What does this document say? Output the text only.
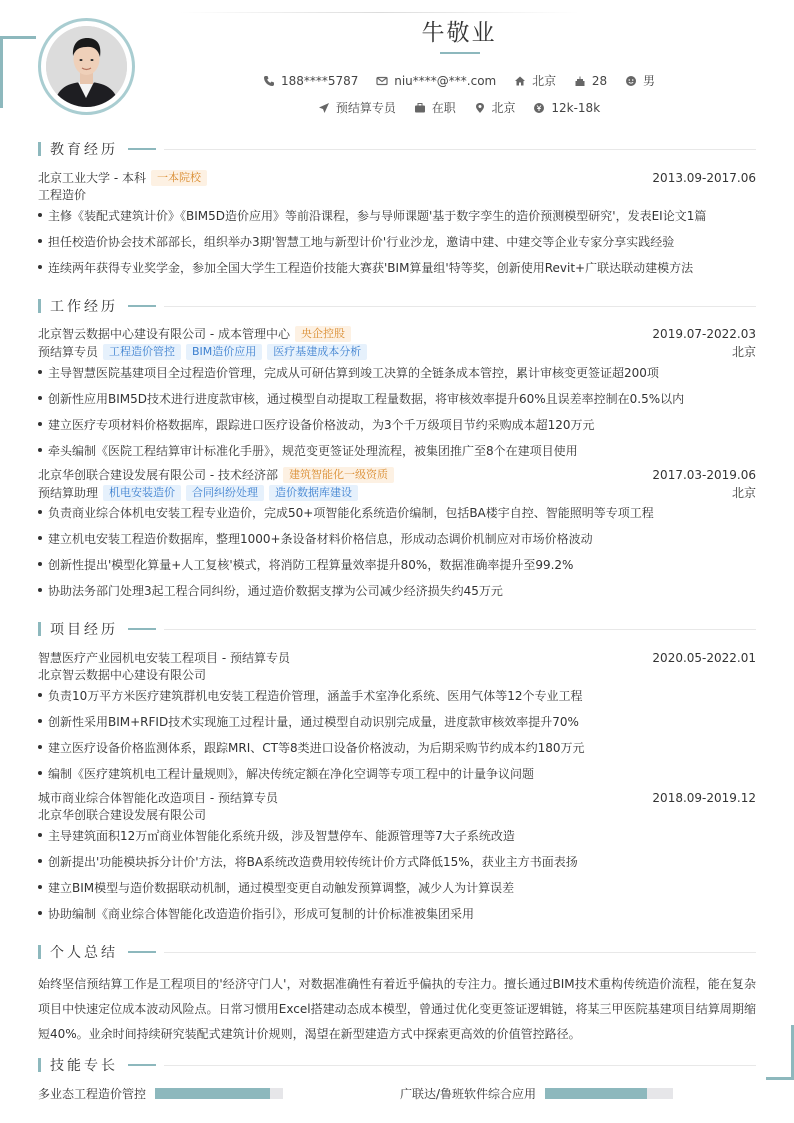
牛敬业
188****5787
	niu****@***.com
	北京
	28
	男
预结算专员
	在职
	北京
	12k-18k
教育经历
北京工业大学 - 本科	一本院校	2013.09-2017.06
工程造价
主修《装配式建筑计价》《BIM5D造价应用》等前沿课程，参与导师课题'基于数字孪生的造价预测模型研究'，发表EI论文1篇
担任校造价协会技术部部长，组织举办3期'智慧工地与新型计价'行业沙龙，邀请中建、中建交等企业专家分享实践经验
连续两年获得专业奖学金，参加全国大学生工程造价技能大赛获'BIM算量组'特等奖，创新使用Revit+广联达联动建模方法
工作经历
北京智云数据中心建设有限公司 - 成本管理中心	央企控股	2019.07-2022.03
预结算专员	工程造价管控	BIM造价应用	医疗基建成本分析	北京
主导智慧医院基建项目全过程造价管理，完成从可研估算到竣工决算的全链条成本管控，累计审核变更签证超200项
创新性应用BIM5D技术进行进度款审核，通过模型自动提取工程量数据，将审核效率提升60%且误差率控制在0.5%以内
建立医疗专项材料价格数据库，跟踪进口医疗设备价格波动，为3个千万级项目节约采购成本超120万元
牵头编制《医院工程结算审计标准化手册》，规范变更签证处理流程，被集团推广至8个在建项目使用
北京华创联合建设发展有限公司 - 技术经济部	建筑智能化一级资质	2017.03-2019.06
预结算助理	机电安装造价	合同纠纷处理	造价数据库建设	北京
负责商业综合体机电安装工程专业造价，完成50+项智能化系统造价编制，包括BA楼宇自控、智能照明等专项工程
建立机电安装工程造价数据库，整理1000+条设备材料价格信息，形成动态调价机制应对市场价格波动
创新性提出'模型化算量+人工复核'模式，将消防工程算量效率提升80%，数据准确率提升至99.2%
协助法务部门处理3起工程合同纠纷，通过造价数据支撑为公司减少经济损失约45万元
项目经历
智慧医疗产业园机电安装工程项目 - 预结算专员	2020.05-2022.01
北京智云数据中心建设有限公司
负责10万平方米医疗建筑群机电安装工程造价管理，涵盖手术室净化系统、医用气体等12个专业工程
创新性采用BIM+RFID技术实现施工过程计量，通过模型自动识别完成量，进度款审核效率提升70%
建立医疗设备价格监测体系，跟踪MRI、CT等8类进口设备价格波动，为后期采购节约成本约180万元
编制《医疗建筑机电工程计量规则》，解决传统定额在净化空调等专项工程中的计量争议问题
城市商业综合体智能化改造项目 - 预结算专员	2018.09-2019.12
北京华创联合建设发展有限公司
主导建筑面积12万㎡商业体智能化系统升级，涉及智慧停车、能源管理等7大子系统改造
创新提出'功能模块拆分计价'方法，将BA系统改造费用较传统计价方式降低15%，获业主方书面表扬
建立BIM模型与造价数据联动机制，通过模型变更自动触发预算调整，减少人为计算误差
协助编制《商业综合体智能化改造造价指引》，形成可复制的计价标准被集团采用
个人总结
始终坚信预结算工作是工程项目的'经济守门人'，对数据准确性有着近乎偏执的专注力。擅长通过BIM技术重构传统造价流程，能在复杂项目中快速定位成本波动风险点。日常习惯用Excel搭建动态成本模型，曾通过优化变更签证逻辑链，将某三甲医院基建项目结算周期缩短40%。业余时间持续研究装配式建筑计价规则，渴望在新型建造方式中探索更高效的价值管控路径。
技能专长
多业态工程造价管控	广联达/鲁班软件综合应用
